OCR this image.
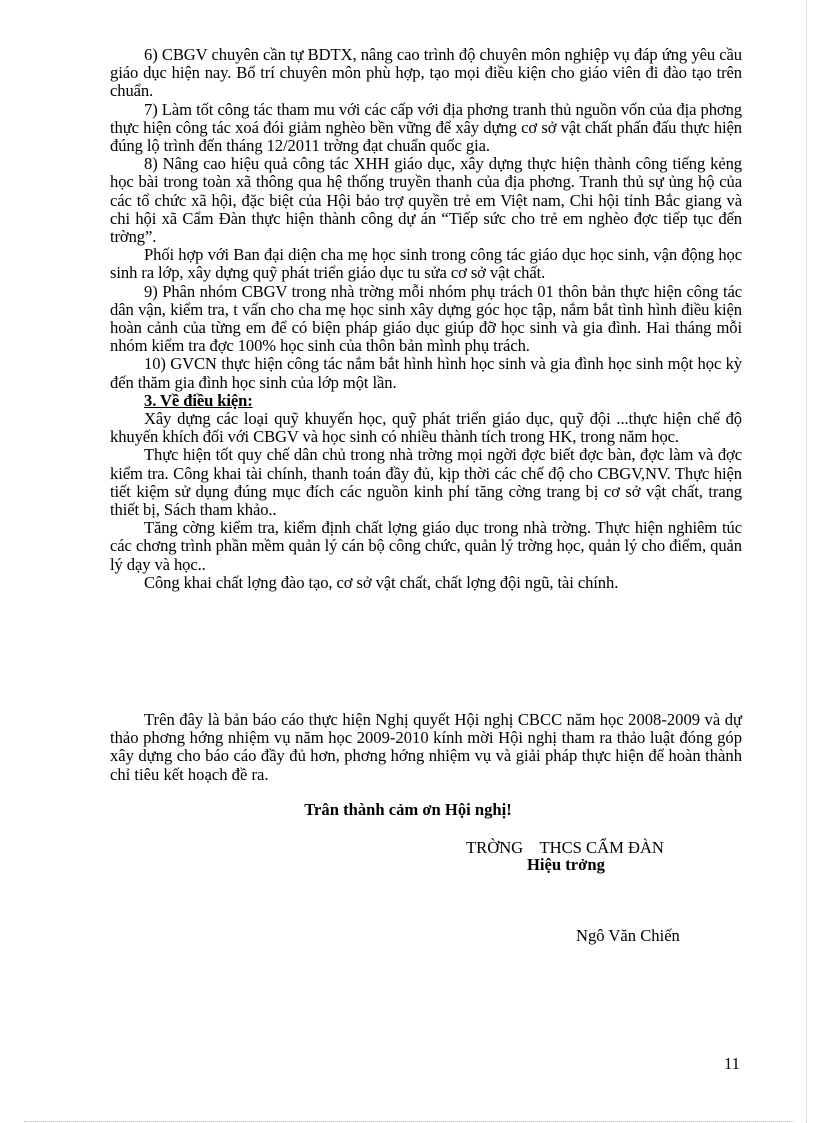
6) CBGV chuyên cần tự BDTX, nâng cao trình độ chuyên môn nghiệp vụ đáp ứng yêu cầu giáo dục hiện nay. Bố trí chuyên môn phù hợp, tạo mọi điều kiện cho giáo viên đi đào tạo trên chuẩn.

7) Làm tốt công tác tham mu với các cấp với địa phơng tranh thủ nguồn vốn của địa phơng thực hiện công tác xoá đói giảm nghèo bền vững để xây dựng cơ sở vật chất phấn đấu thực hiện đúng lộ trình đến tháng 12/2011 trờng đạt chuẩn quốc gia.

8) Nâng cao hiệu quả công tác XHH giáo dục, xây dựng thực hiện thành công tiếng kẻng học bài trong toàn xã thông qua hệ thống truyền thanh của địa phơng. Tranh thủ sự ủng hộ của các tổ chức xã hội, đặc biệt của Hội bảo trợ quyền trẻ em Việt nam, Chi hội tỉnh Bắc giang và chi hội xã Cẩm Đàn thực hiện thành công dự án “Tiếp sức cho trẻ em nghèo đợc tiếp tục đến trờng”.

Phối hợp với Ban đại diện cha mẹ học sinh trong công tác giáo dục học sinh, vận động học sinh ra lớp, xây dựng quỹ phát triển giáo dục tu sửa cơ sở vật chất.

9) Phân nhóm CBGV trong nhà trờng mỗi nhóm phụ trách 01 thôn bản thực hiện công tác dân vận, kiểm tra, t vấn cho cha mẹ học sinh xây dựng góc học tập, nắm bắt tình hình điều kiện hoàn cảnh của từng em để có biện pháp giáo dục giúp đỡ học sinh và gia đình. Hai tháng mỗi nhóm kiểm tra đợc 100% học sinh của thôn bản mình phụ trách.

10) GVCN thực hiện công tác nắm bắt hình hình học sinh và gia đình học sinh một học kỳ đến thăm gia đình học sinh của lớp một lần.

3. Về điều kiện:

Xây dựng các loại quỹ khuyến học, quỹ phát triển giáo dục, quỹ đội ...thực hiện chế độ khuyến khích đối với CBGV và học sinh có nhiều thành tích trong HK, trong năm học.

Thực hiện tốt quy chế dân chủ trong nhà trờng mọi ngời đợc biết đợc bàn, đợc làm và đợc kiểm tra. Công khai tài chính, thanh toán đầy đủ, kịp thời các chế độ cho CBGV,NV. Thực hiện tiết kiệm sử dụng đúng mục đích các nguồn kinh phí tăng cờng trang bị cơ sở vật chất, trang thiết bị, Sách tham khảo..

Tăng cờng kiểm tra, kiểm định chất lợng giáo dục trong nhà trờng. Thực hiện nghiêm túc các chơng trình phần mềm quản lý cán bộ công chức, quản lý trờng học, quản lý cho điểm, quản lý dạy và học..

Công khai chất lợng đào tạo, cơ sở vật chất, chất lợng đội ngũ, tài chính.

Trên đây là bản báo cáo thực hiện Nghị quyết Hội nghị CBCC năm học 2008-2009 và dự thảo phơng hớng nhiệm vụ năm học 2009-2010 kính mời Hội nghị tham ra thảo luật đóng góp xây dựng cho báo cáo đầy đủ hơn, phơng hớng nhiệm vụ và giải pháp thực hiện để hoàn thành chỉ tiêu kết hoạch đề ra.

Trân thành cảm ơn Hội nghị!
TRỜNG    THCS CẨM ĐÀN
Hiệu trởng
Ngô Văn Chiến
11
